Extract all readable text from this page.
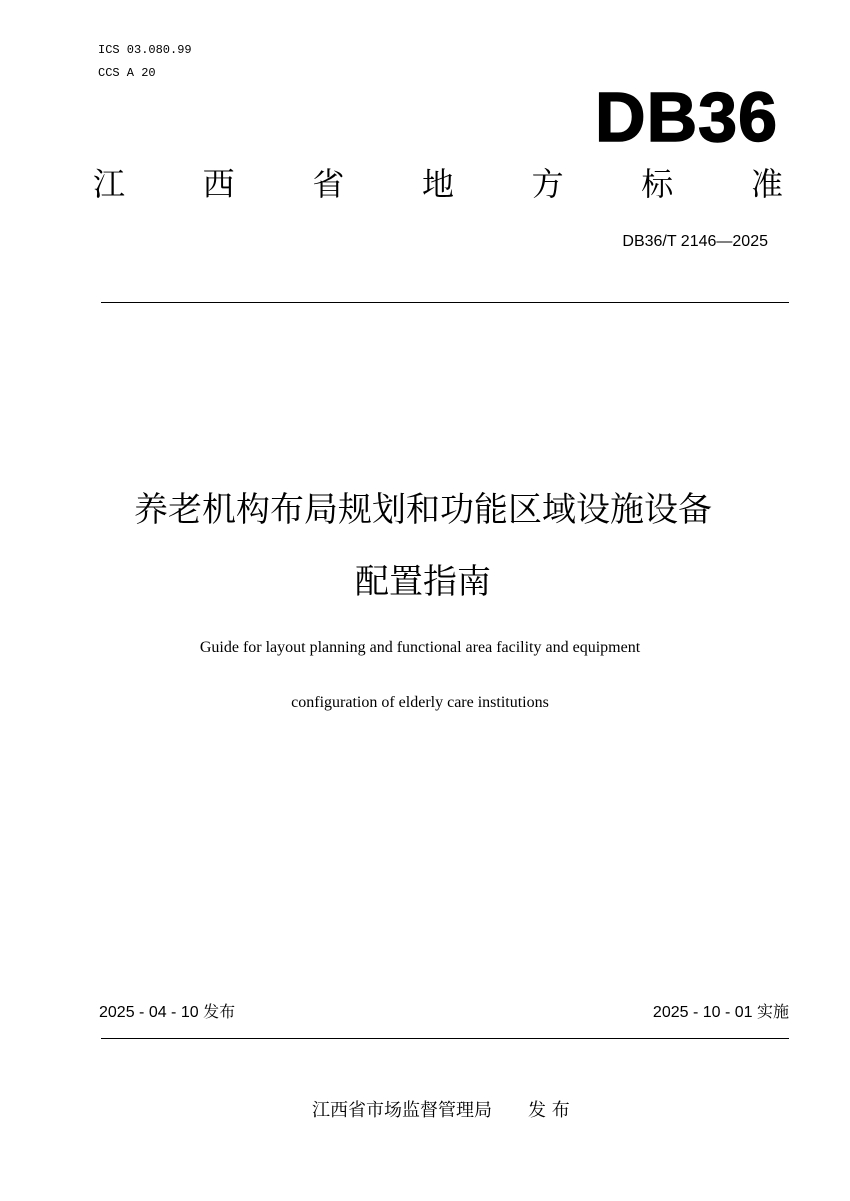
ICS 03.080.99
CCS A 20
DB36
江 西 省 地 方 标 准
DB36/T 2146—2025
养老机构布局规划和功能区域设施设备
配置指南
Guide for layout planning and functional area facility and equipment
configuration of elderly care institutions
2025 - 04 - 10 发布	2025 - 10 - 01 实施
江西省市场监督管理局 发 布
